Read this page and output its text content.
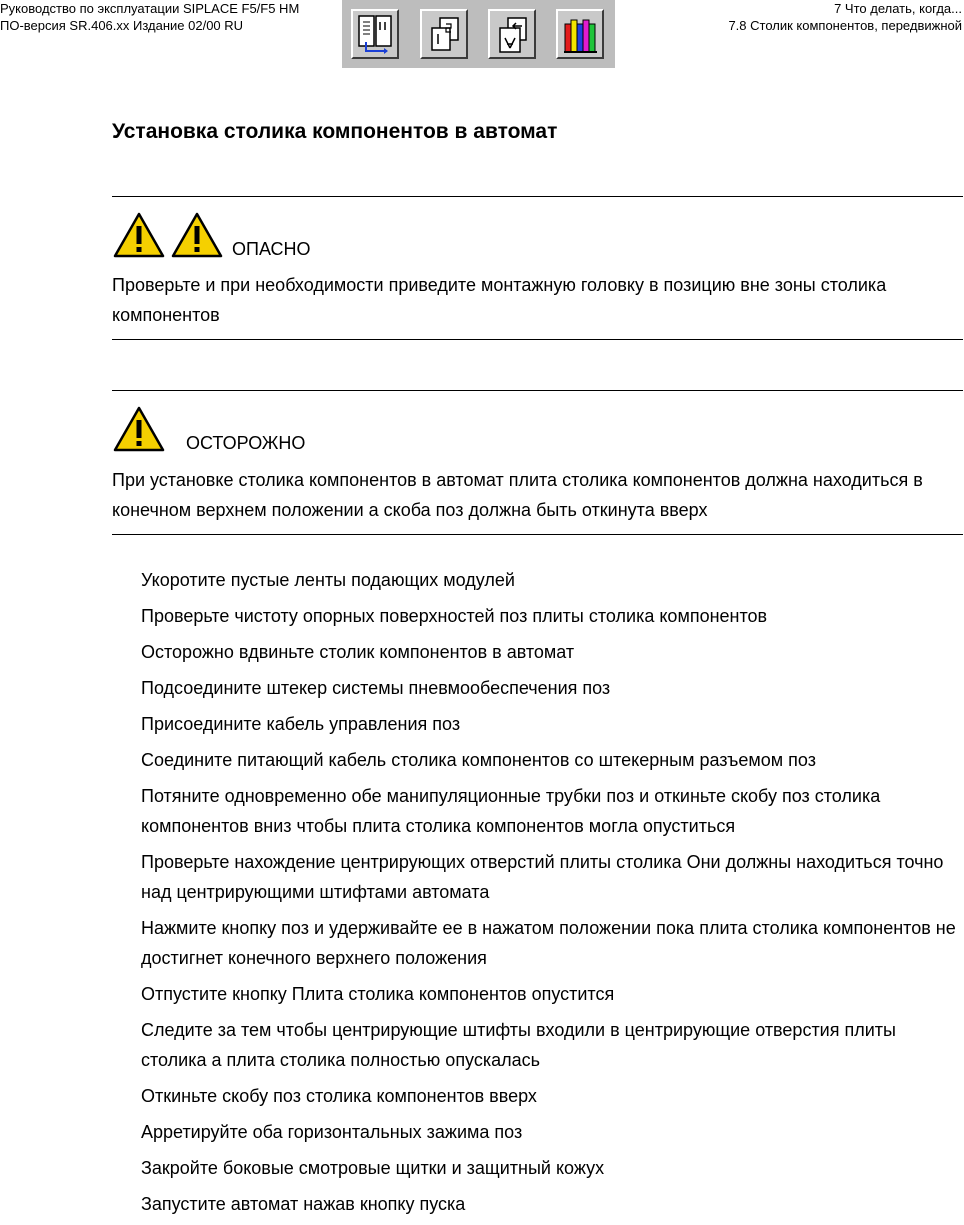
Руководство по эксплуатации SIPLACE F5/F5 HM
ПО-версия SR.406.xx Издание 02/00 RU
7 Что делать, когда...
7.8 Столик компонентов, передвижной
Установка столика компонентов в автомат
ОПАСНО
Проверьте и при необходимости приведите монтажную головку в позицию вне зоны столика компонентов
ОСТОРОЖНО
При установке столика компонентов в автомат плита столика компонентов должна находиться в конечном верхнем положении а скоба поз должна быть откинута вверх
Укоротите пустые ленты подающих модулей
Проверьте чистоту опорных поверхностей поз плиты столика компонентов
Осторожно вдвиньте столик компонентов в автомат
Подсоедините штекер системы пневмообеспечения поз
Присоедините кабель управления поз
Соедините питающий кабель столика компонентов со штекерным разъемом поз
Потяните одновременно обе манипуляционные трубки поз и откиньте скобу поз столика компонентов вниз чтобы плита столика компонентов могла опуститься
Проверьте нахождение центрирующих отверстий плиты столика Они должны находиться точно над центрирующими штифтами автомата
Нажмите кнопку поз и удерживайте ее в нажатом положении пока плита столика компонентов не достигнет конечного верхнего положения
Отпустите кнопку Плита столика компонентов опустится
Следите за тем чтобы центрирующие штифты входили в центрирующие отверстия плиты столика а плита столика полностью опускалась
Откиньте скобу поз столика компонентов вверх
Арретируйте оба горизонтальных зажима поз
Закройте боковые смотровые щитки и защитный кожух
Запустите автомат нажав кнопку пуска
